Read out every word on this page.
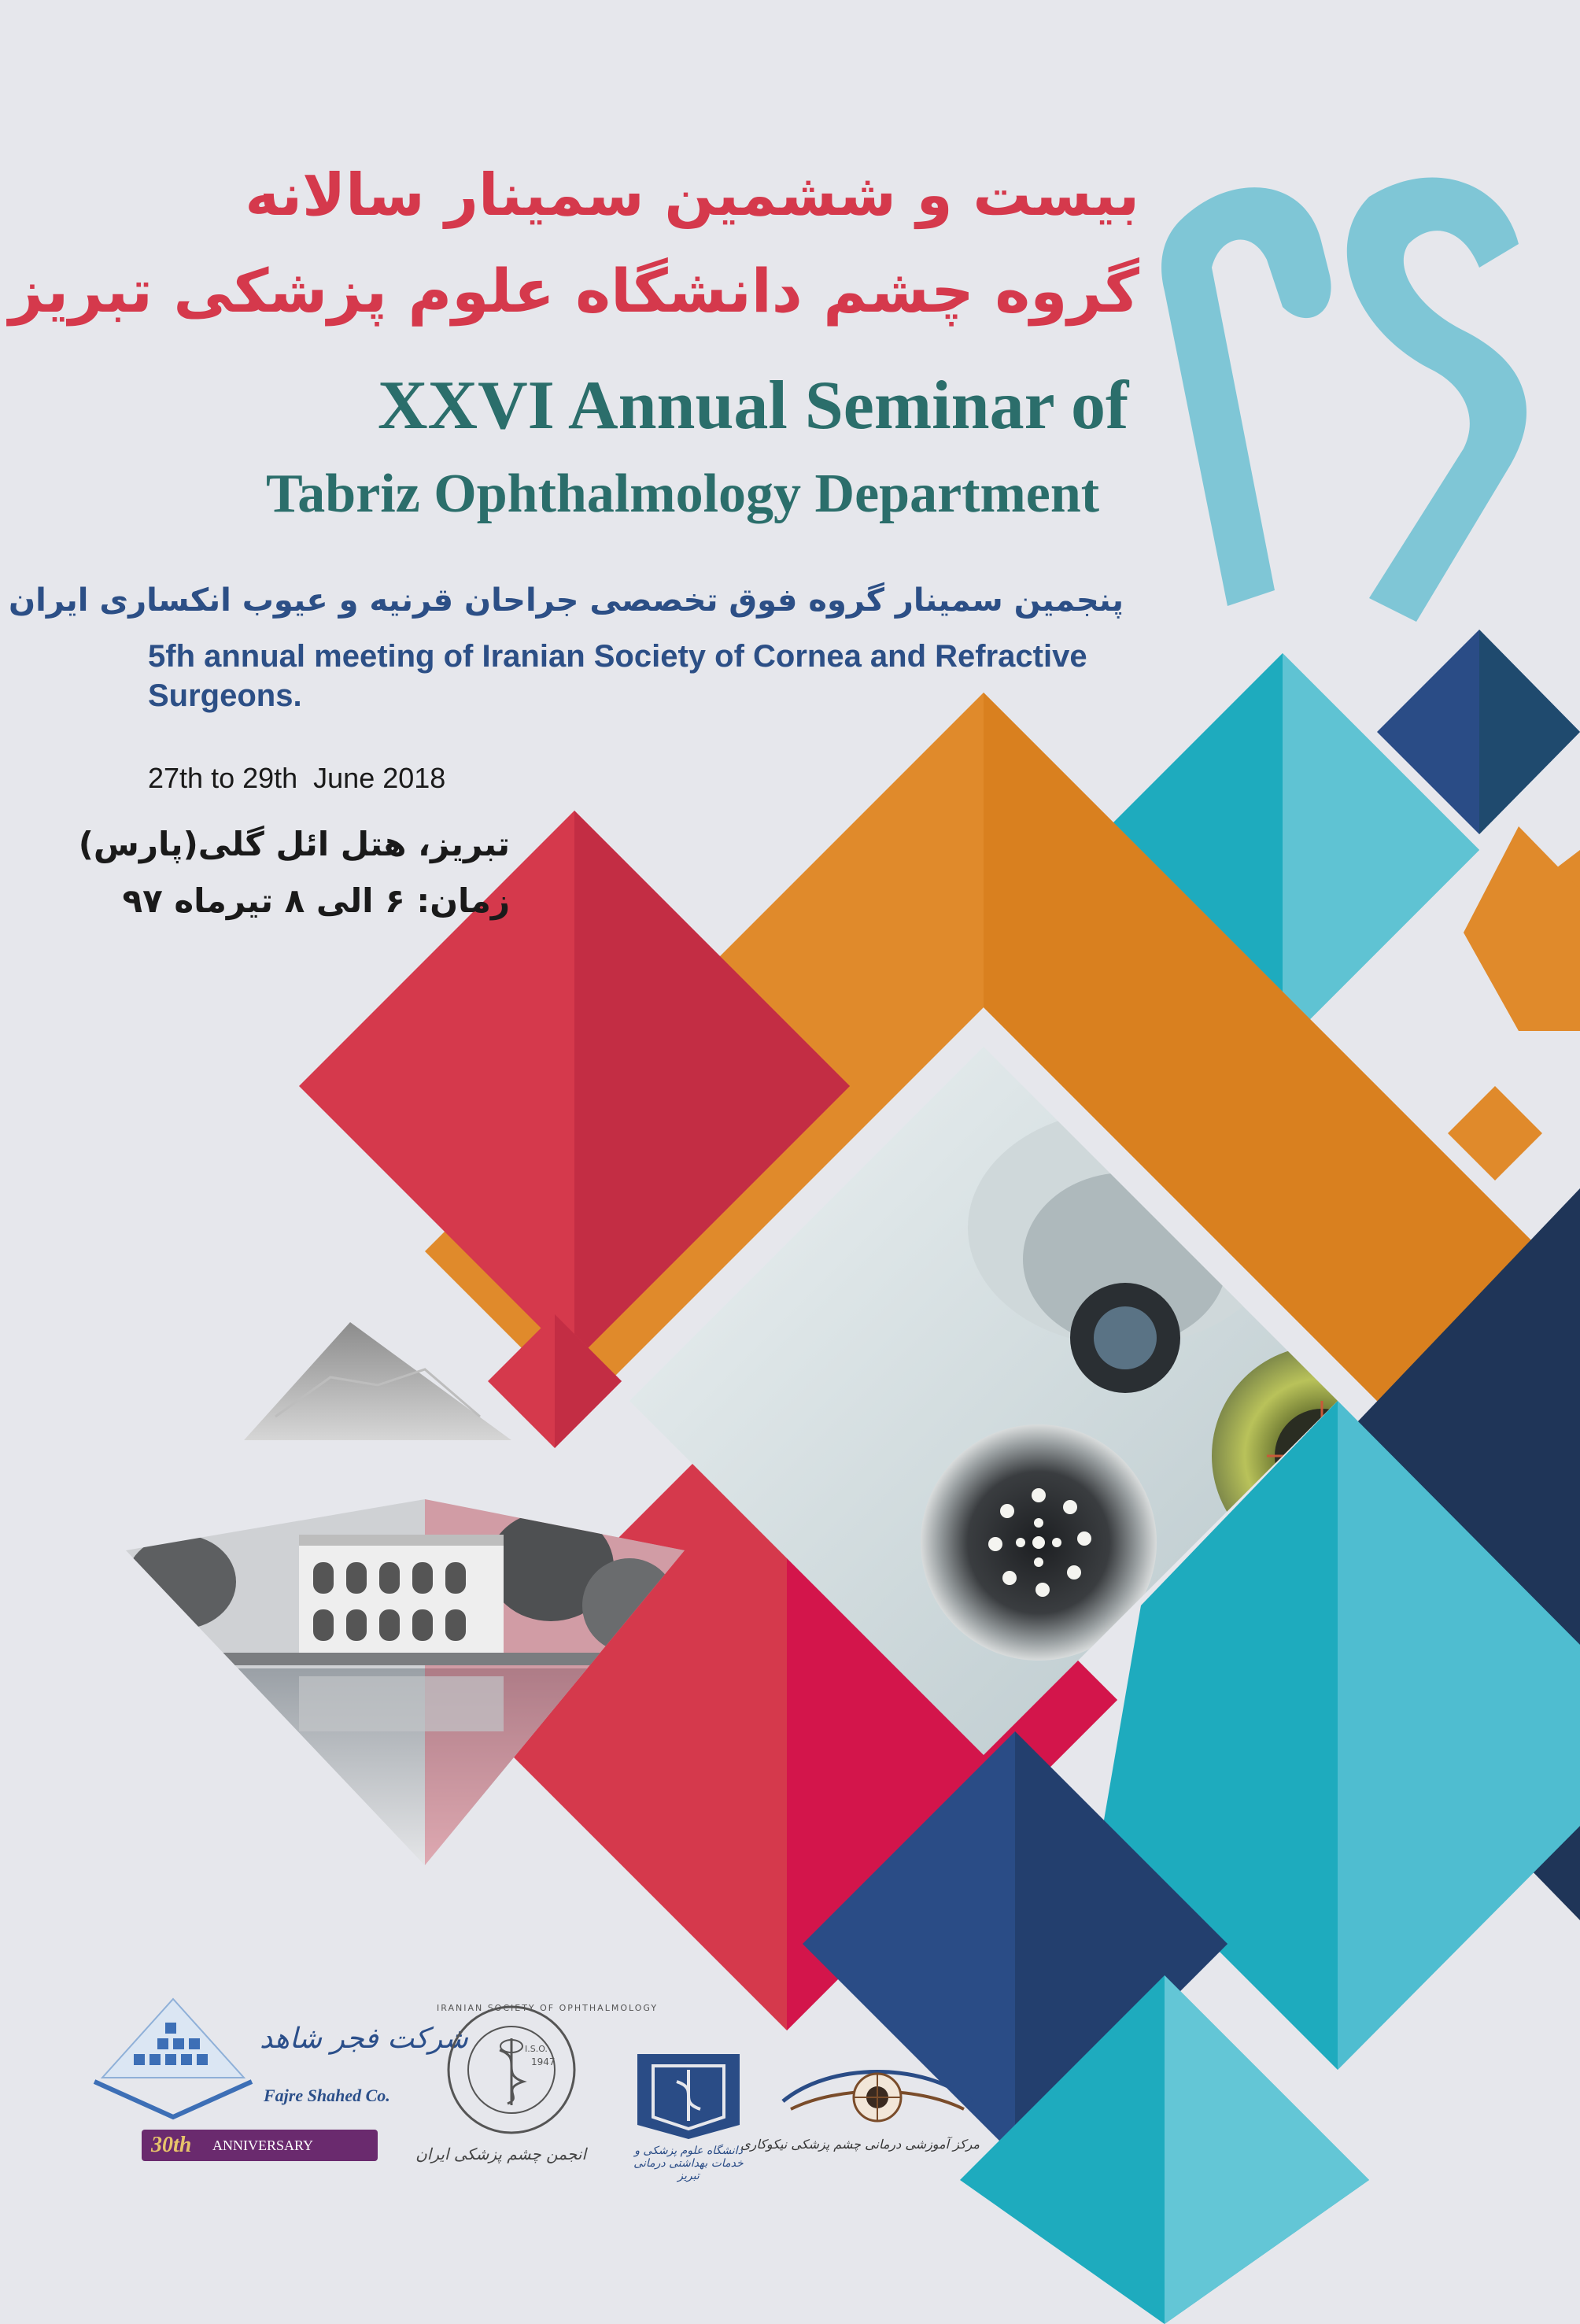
بیست و ششمین سمینار سالانه
گروه چشم دانشگاه علوم پزشکی تبریز
XXVI Annual Seminar of
Tabriz Ophthalmology Department
پنجمین سمینار گروه فوق تخصصی جراحان قرنیه و عیوب انکساری ایران
5fh annual meeting of Iranian Society of Cornea and Refractive
Surgeons.
27th to 29th  June 2018
تبریز، هتل ائل گلی(پارس)
زمان: ۶ الی ۸ تیرماه ۹۷
شرکت فجر شاهد
Fajre Shahed Co.
30th ANNIVERSARY
IRANIAN SOCIETY OF OPHTHALMOLOGY
1947
I.S.O.
انجمن چشم پزشکی ایران	دانشگاه علوم پزشکی و خدمات بهداشتی درمانی تبریز
مرکز آموزشی درمانی چشم پزشکی نیکوکاری
